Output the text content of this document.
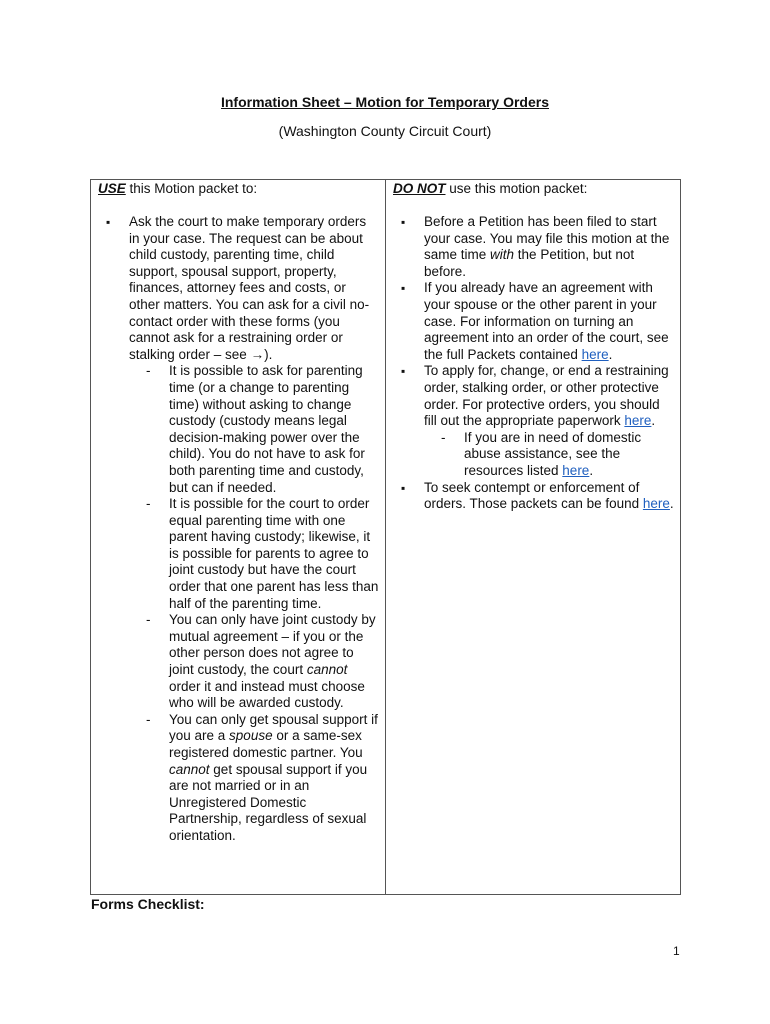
Information Sheet – Motion for Temporary Orders
(Washington County Circuit Court)
USE this Motion packet to:
▪ Ask the court to make temporary orders in your case. The request can be about child custody, parenting time, child support, spousal support, property, finances, attorney fees and costs, or other matters. You can ask for a civil no-contact order with these forms (you cannot ask for a restraining order or stalking order – see →).
- It is possible to ask for parenting time (or a change to parenting time) without asking to change custody (custody means legal decision-making power over the child). You do not have to ask for both parenting time and custody, but can if needed.
- It is possible for the court to order equal parenting time with one parent having custody; likewise, it is possible for parents to agree to joint custody but have the court order that one parent has less than half of the parenting time.
- You can only have joint custody by mutual agreement – if you or the other person does not agree to joint custody, the court cannot order it and instead must choose who will be awarded custody.
- You can only get spousal support if you are a spouse or a same-sex registered domestic partner. You cannot get spousal support if you are not married or in an Unregistered Domestic Partnership, regardless of sexual orientation.
DO NOT use this motion packet:
▪ Before a Petition has been filed to start your case. You may file this motion at the same time with the Petition, but not before.
▪ If you already have an agreement with your spouse or the other parent in your case. For information on turning an agreement into an order of the court, see the full Packets contained here.
▪ To apply for, change, or end a restraining order, stalking order, or other protective order. For protective orders, you should fill out the appropriate paperwork here.
- If you are in need of domestic abuse assistance, see the resources listed here.
▪ To seek contempt or enforcement of orders. Those packets can be found here.
Forms Checklist:
1
